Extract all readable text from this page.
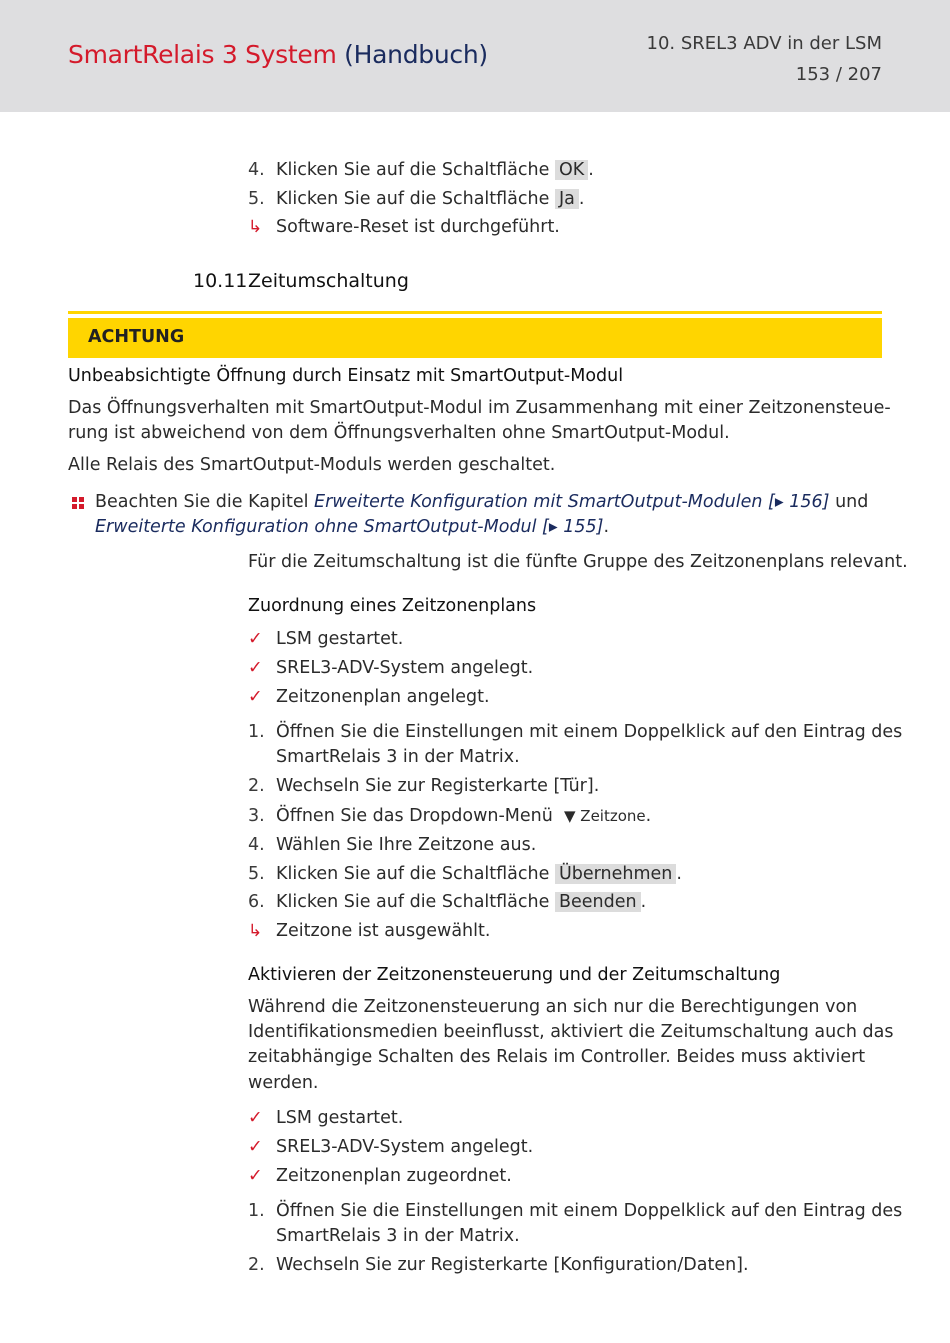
SmartRelais 3 System (Handbuch)	10. SREL3 ADV in der LSM
153 / 207
4. Klicken Sie auf die Schaltfläche OK .
5. Klicken Sie auf die Schaltfläche Ja .
↳ Software-Reset ist durchgeführt.
10.11 Zeitumschaltung
ACHTUNG
Unbeabsichtigte Öffnung durch Einsatz mit SmartOutput-Modul
Das Öffnungsverhalten mit SmartOutput-Modul im Zusammenhang mit einer Zeitzonensteue-
rung ist abweichend von dem Öffnungsverhalten ohne SmartOutput-Modul.
Alle Relais des SmartOutput-Moduls werden geschaltet.
Beachten Sie die Kapitel Erweiterte Konfiguration mit SmartOutput-Modulen [▸ 156] und
Erweiterte Konfiguration ohne SmartOutput-Modul [▸ 155].
Für die Zeitumschaltung ist die fünfte Gruppe des Zeitzonenplans relevant.
Zuordnung eines Zeitzonenplans
✓ LSM gestartet.
✓ SREL3-ADV-System angelegt.
✓ Zeitzonenplan angelegt.
1. Öffnen Sie die Einstellungen mit einem Doppelklick auf den Eintrag des
SmartRelais 3 in der Matrix.
2. Wechseln Sie zur Registerkarte [Tür].
3. Öffnen Sie das Dropdown-Menü ▼ Zeitzone.
4. Wählen Sie Ihre Zeitzone aus.
5. Klicken Sie auf die Schaltfläche Übernehmen .
6. Klicken Sie auf die Schaltfläche Beenden .
↳ Zeitzone ist ausgewählt.
Aktivieren der Zeitzonensteuerung und der Zeitumschaltung
Während die Zeitzonensteuerung an sich nur die Berechtigungen von
Identifikationsmedien beeinflusst, aktiviert die Zeitumschaltung auch das
zeitabhängige Schalten des Relais im Controller. Beides muss aktiviert
werden.
✓ LSM gestartet.
✓ SREL3-ADV-System angelegt.
✓ Zeitzonenplan zugeordnet.
1. Öffnen Sie die Einstellungen mit einem Doppelklick auf den Eintrag des
SmartRelais 3 in der Matrix.
2. Wechseln Sie zur Registerkarte [Konfiguration/Daten].
